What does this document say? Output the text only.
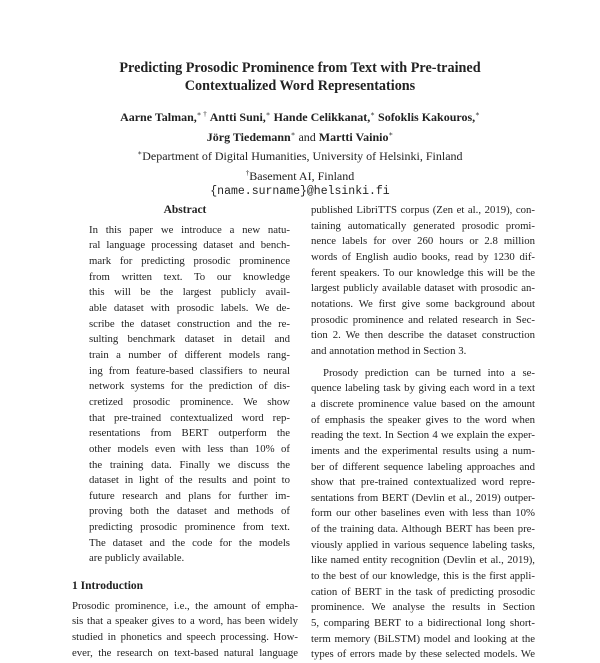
Predicting Prosodic Prominence from Text with Pre-trained
Contextualized Word Representations
Aarne Talman,∗ † Antti Suni,∗ Hande Celikkanat,∗ Sofoklis Kakouros,∗
Jörg Tiedemann∗ and Martti Vainio∗
∗Department of Digital Humanities, University of Helsinki, Finland
†Basement AI, Finland
{name.surname}@helsinki.fi
Abstract
In this paper we introduce a new natu-
ral language processing dataset and bench-
mark for predicting prosodic prominence
from written text. To our knowledge
this will be the largest publicly avail-
able dataset with prosodic labels. We de-
scribe the dataset construction and the re-
sulting benchmark dataset in detail and
train a number of different models rang-
ing from feature-based classifiers to neural
network systems for the prediction of dis-
cretized prosodic prominence. We show
that pre-trained contextualized word rep-
resentations from BERT outperform the
other models even with less than 10% of
the training data. Finally we discuss the
dataset in light of the results and point to
future research and plans for further im-
proving both the dataset and methods of
predicting prosodic prominence from text.
The dataset and the code for the models
are publicly available.
1 Introduction
Prosodic prominence, i.e., the amount of empha-
sis that a speaker gives to a word, has been widely
studied in phonetics and speech processing. How-
ever, the research on text-based natural language
published LibriTTS corpus (Zen et al., 2019), con-
taining automatically generated prosodic promi-
nence labels for over 260 hours or 2.8 million
words of English audio books, read by 1230 dif-
ferent speakers. To our knowledge this will be the
largest publicly available dataset with prosodic an-
notations. We first give some background about
prosodic prominence and related research in Sec-
tion 2. We then describe the dataset construction
and annotation method in Section 3.
Prosody prediction can be turned into a se-
quence labeling task by giving each word in a text
a discrete prominence value based on the amount
of emphasis the speaker gives to the word when
reading the text. In Section 4 we explain the exper-
iments and the experimental results using a num-
ber of different sequence labeling approaches and
show that pre-trained contextualized word repre-
sentations from BERT (Devlin et al., 2019) outper-
form our other baselines even with less than 10%
of the training data. Although BERT has been pre-
viously applied in various sequence labeling tasks,
like named entity recognition (Devlin et al., 2019),
to the best of our knowledge, this is the first appli-
cation of BERT in the task of predicting prosodic
prominence. We analyse the results in Section
5, comparing BERT to a bidirectional long short-
term memory (BiLSTM) model and looking at the
types of errors made by these selected models. We
